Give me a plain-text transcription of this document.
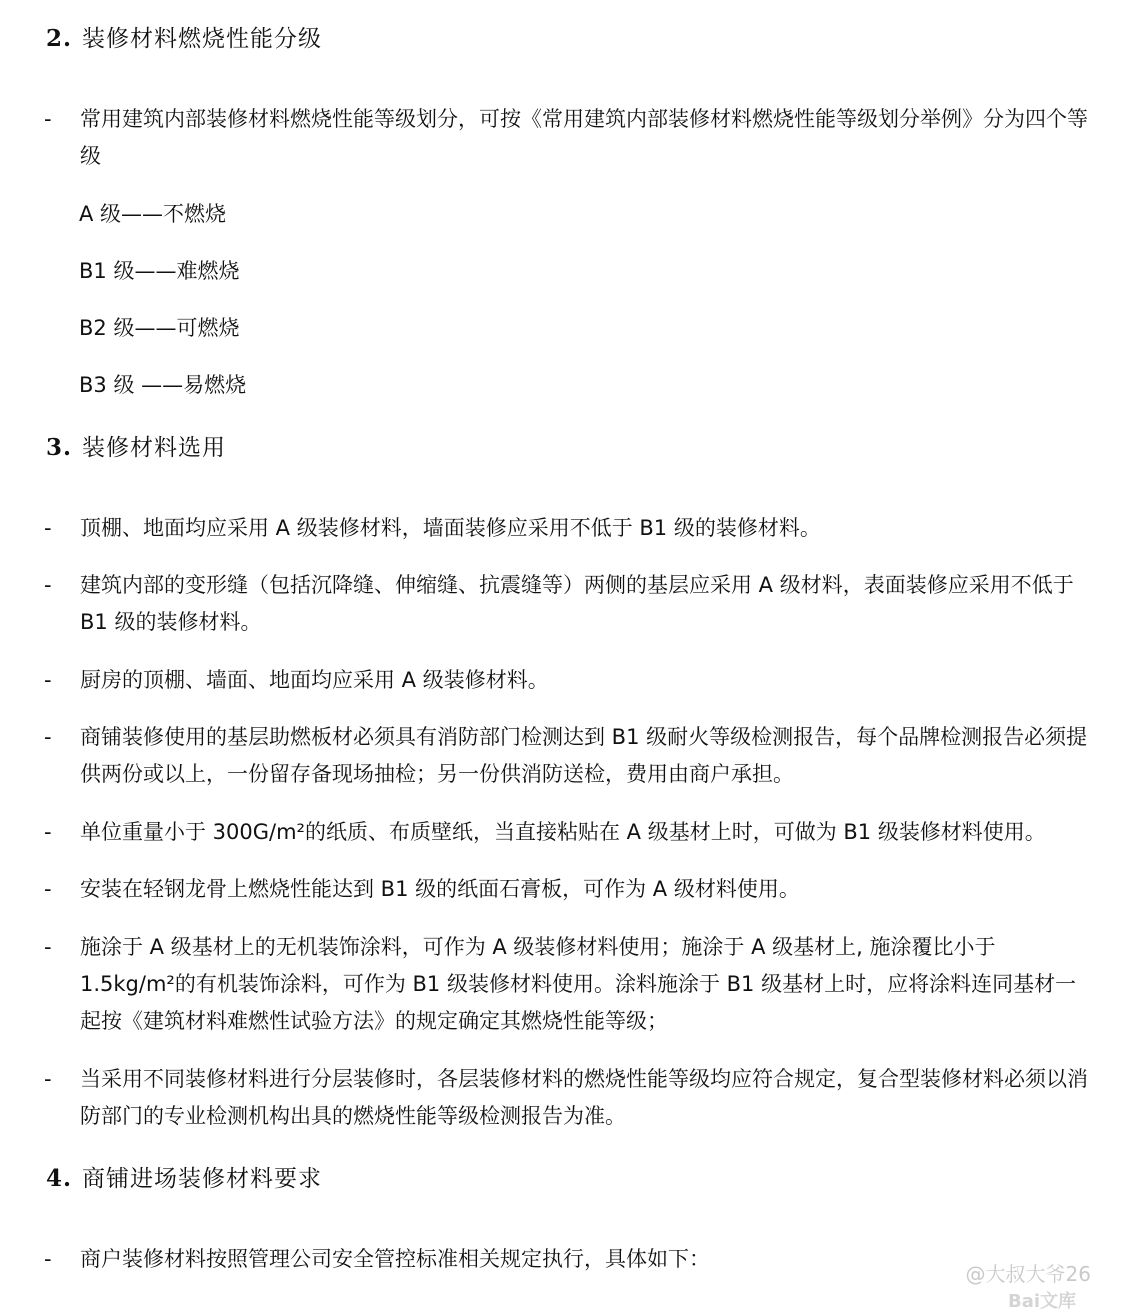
2. 装修材料燃烧性能分级
- 常用建筑内部装修材料燃烧性能等级划分，可按《常用建筑内部装修材料燃烧性能等级划分举例》分为四个等级
A 级——不燃烧
B1 级——难燃烧
B2 级——可燃烧
B3 级 ——易燃烧
3. 装修材料选用
- 顶棚、地面均应采用 A 级装修材料，墙面装修应采用不低于 B1 级的装修材料。
- 建筑内部的变形缝（包括沉降缝、伸缩缝、抗震缝等）两侧的基层应采用 A 级材料，表面装修应采用不低于 B1 级的装修材料。
- 厨房的顶棚、墙面、地面均应采用 A 级装修材料。
- 商铺装修使用的基层助燃板材必须具有消防部门检测达到 B1 级耐火等级检测报告，每个品牌检测报告必须提供两份或以上，一份留存备现场抽检；另一份供消防送检，费用由商户承担。
- 单位重量小于 300G/m²的纸质、布质壁纸，当直接粘贴在 A 级基材上时，可做为 B1 级装修材料使用。
- 安装在轻钢龙骨上燃烧性能达到 B1 级的纸面石膏板，可作为 A 级材料使用。
- 施涂于 A 级基材上的无机装饰涂料，可作为 A 级装修材料使用；施涂于 A 级基材上, 施涂覆比小于 1.5kg/m²的有机装饰涂料，可作为 B1 级装修材料使用。涂料施涂于 B1 级基材上时，应将涂料连同基材一起按《建筑材料难燃性试验方法》的规定确定其燃烧性能等级；
- 当采用不同装修材料进行分层装修时，各层装修材料的燃烧性能等级均应符合规定，复合型装修材料必须以消防部门的专业检测机构出具的燃烧性能等级检测报告为准。
4. 商铺进场装修材料要求
- 商户装修材料按照管理公司安全管控标准相关规定执行，具体如下：
@大叔大爷26
Bai文库
